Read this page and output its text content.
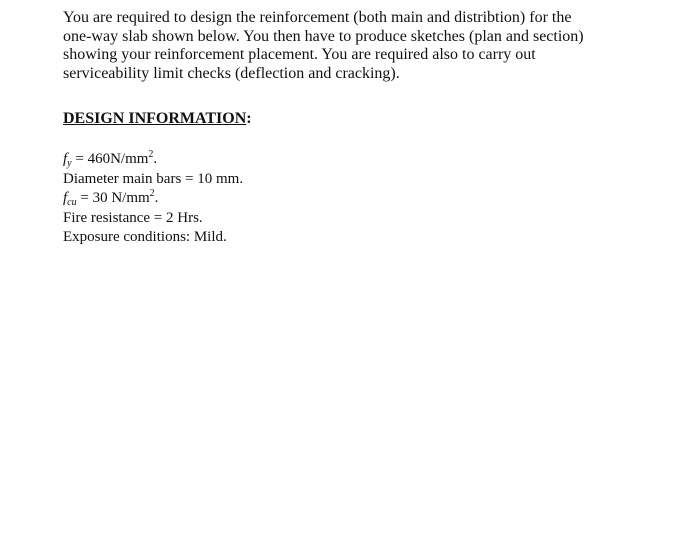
You are required to design the reinforcement (both main and distribtion) for the
one-way slab shown below. You then have to produce sketches (plan and section)
showing your reinforcement placement. You are required also to carry out
serviceability limit checks (deflection and cracking).
DESIGN INFORMATION:
$f_y = 460N/mm^2$.
Diameter main bars = 10 mm.
$f_{cu} = 30$ $N/mm^2$.
Fire resistance = 2 Hrs.
Exposure conditions: Mild.
